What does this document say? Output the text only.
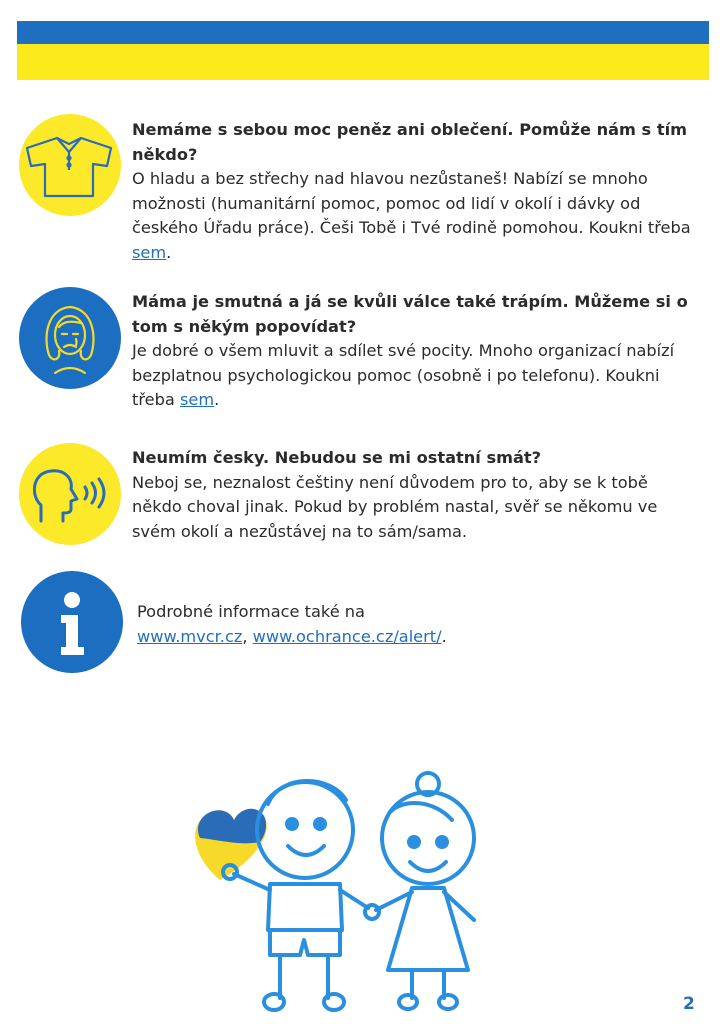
Nemáme s sebou moc peněz ani oblečení. Pomůže nám s tím někdo?
O hladu a bez střechy nad hlavou nezůstaneš! Nabízí se mnoho možnosti (humanitární pomoc, pomoc od lidí v okolí i dávky od českého Úřadu práce). Češi Tobě i Tvé rodině pomohou. Koukni třeba sem.
Máma je smutná a já se kvůli válce také trápím. Můžeme si o tom s někým popovídat?
Je dobré o všem mluvit a sdílet své pocity. Mnoho organizací nabízí bezplatnou psychologickou pomoc (osobně i po telefonu). Koukni třeba sem.
Neumím česky. Nebudou se mi ostatní smát?
Neboj se, neznalost češtiny není důvodem pro to, aby se k tobě někdo choval jinak. Pokud by problém nastal, svěř se někomu ve svém okolí a nezůstávej na to sám/sama.
Podrobné informace také na
www.mvcr.cz, www.ochrance.cz/alert/.
2
